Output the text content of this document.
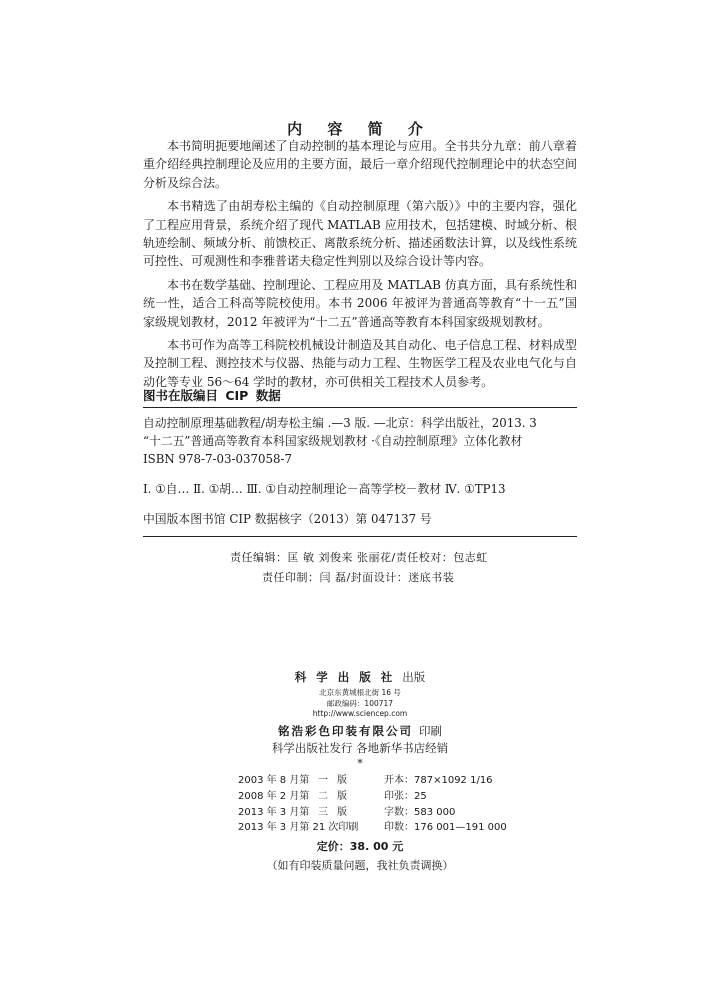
内 容 简 介

本书简明扼要地阐述了自动控制的基本理论与应用。全书共分九章：前八章着重介绍经典控制理论及应用的主要方面，最后一章介绍现代控制理论中的状态空间分析及综合法。

本书精选了由胡寿松主编的《自动控制原理（第六版）》中的主要内容，强化了工程应用背景，系统介绍了现代 MATLAB 应用技术，包括建模、时域分析、根轨迹绘制、频域分析、前馈校正、离散系统分析、描述函数法计算，以及线性系统可控性、可观测性和李雅普诺夫稳定性判别以及综合设计等内容。

本书在数学基础、控制理论、工程应用及 MATLAB 仿真方面，具有系统性和统一性，适合工科高等院校使用。本书 2006 年被评为普通高等教育“十一五”国家级规划教材，2012 年被评为“十二五”普通高等教育本科国家级规划教材。

本书可作为高等工科院校机械设计制造及其自动化、电子信息工程、材料成型及控制工程、测控技术与仪器、热能与动力工程、生物医学工程及农业电气化与自动化等专业 56～64 学时的教材，亦可供相关工程技术人员参考。

图书在版编目 CIP 数据
自动控制原理基础教程/胡寿松主编 .—3 版. —北京：科学出版社，2013. 3
“十二五”普通高等教育本科国家级规划教材 ·《自动控制原理》立体化教材
ISBN 978-7-03-037058-7
Ⅰ. ①自… Ⅱ. ①胡… Ⅲ. ①自动控制理论－高等学校－教材 Ⅳ. ①TP13
中国版本图书馆 CIP 数据核字（2013）第 047137 号
责任编辑：匡 敏 刘俊来 张丽花/责任校对：包志虹
责任印制：闫 磊/封面设计：迷底书装
科 学 出 版 社 出版
北京东黄城根北街 16 号
邮政编码：100717
http://www.sciencep.com
铭浩彩色印装有限公司 印刷
科学出版社发行 各地新华书店经销
*
2003 年 8 月第 一版	开本：787×1092 1/16
2008 年 2 月第 二版	印张：25
2013 年 3 月第 三版	字数：583 000
2013 年 3 月第 21 次印刷	印数：176 001—191 000
定价：38. 00 元
（如有印装质量问题，我社负责调换）
